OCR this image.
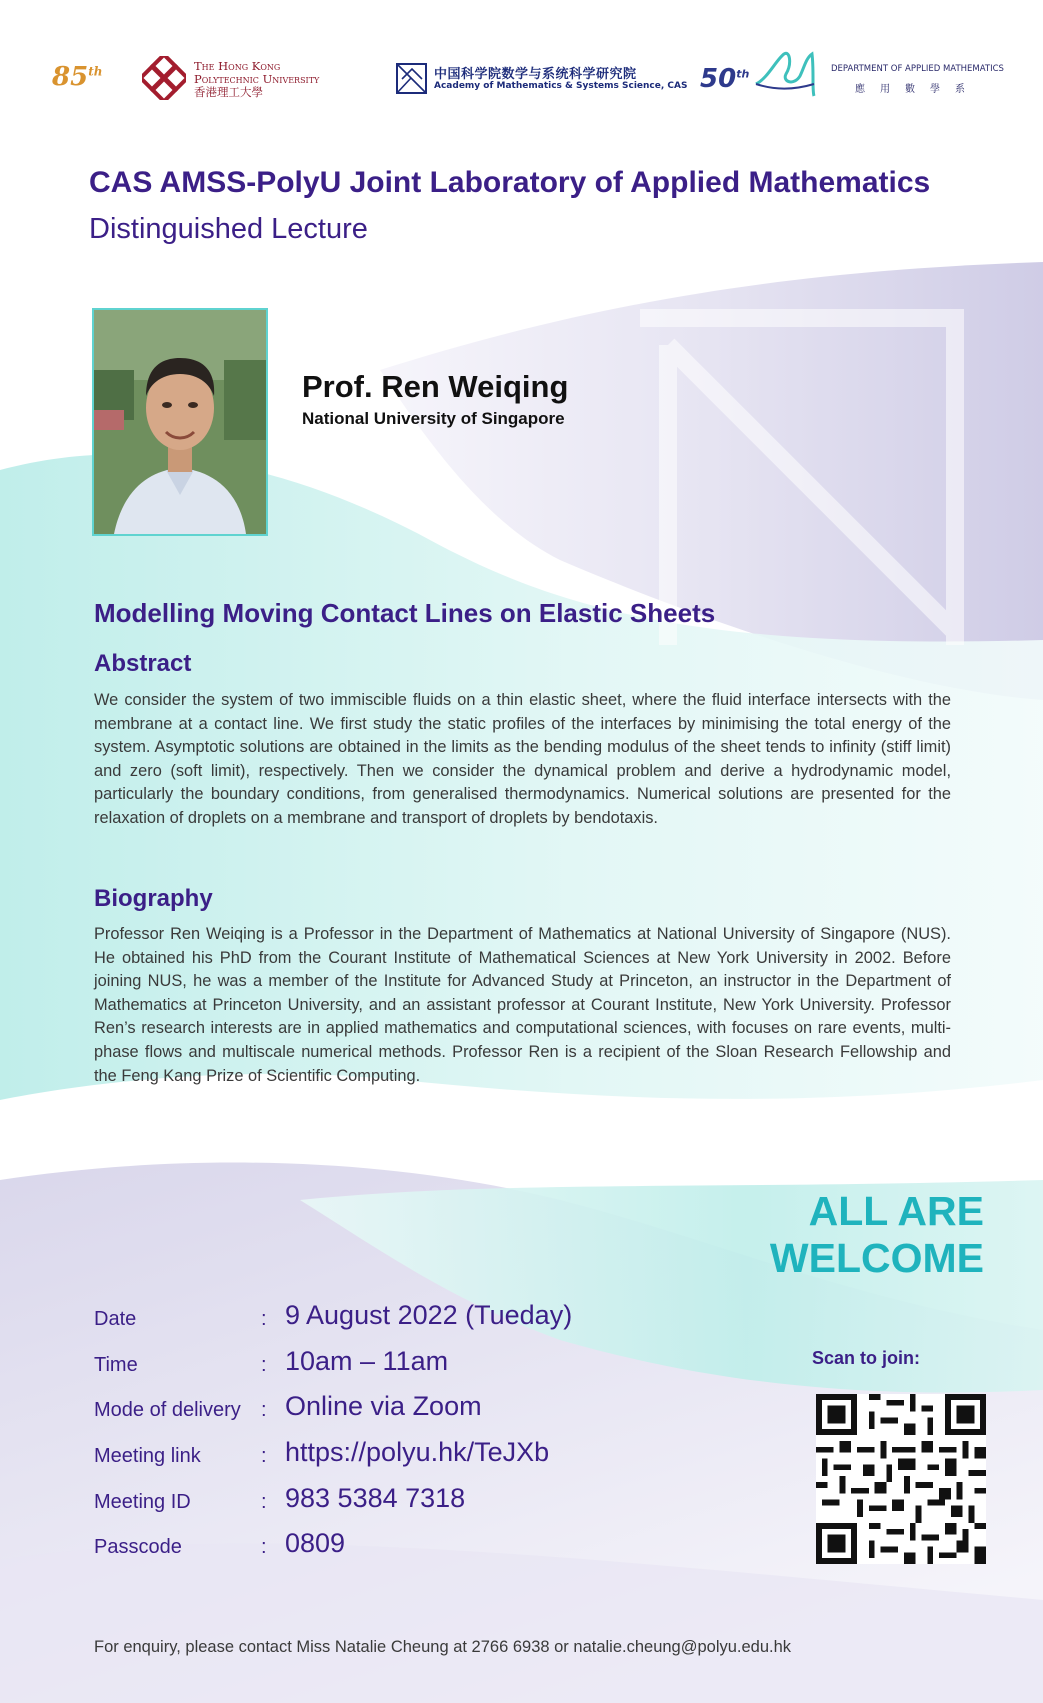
85th	The Hong Kong
Polytechnic University
香港理工大學
中国科学院数学与系统科学研究院
Academy of Mathematics & Systems Science, CAS 50th	DEPARTMENT OF APPLIED MATHEMATICS
應用數學系
CAS AMSS-PolyU Joint Laboratory of Applied Mathematics
Distinguished Lecture
Prof. Ren Weiqing
National University of Singapore
Modelling Moving Contact Lines on Elastic Sheets
Abstract
We consider the system of two immiscible fluids on a thin elastic sheet, where the fluid interface intersects with the membrane at a contact line. We first study the static profiles of the interfaces by minimising the total energy of the system. Asymptotic solutions are obtained in the limits as the bending modulus of the sheet tends to infinity (stiff limit) and zero (soft limit), respectively. Then we consider the dynamical problem and derive a hydrodynamic model, particularly the boundary conditions, from generalised thermodynamics. Numerical solutions are presented for the relaxation of droplets on a membrane and transport of droplets by bendotaxis.
Biography
Professor Ren Weiqing is a Professor in the Department of Mathematics at National University of Singapore (NUS). He obtained his PhD from the Courant Institute of Mathematical Sciences at New York University in 2002. Before joining NUS, he was a member of the Institute for Advanced Study at Princeton, an instructor in the Department of Mathematics at Princeton University, and an assistant professor at Courant Institute, New York University. Professor Ren’s research interests are in applied mathematics and computational sciences, with focuses on rare events, multi-phase flows and multiscale numerical methods. Professor Ren is a recipient of the Sloan Research Fellowship and the Feng Kang Prize of Scientific Computing.
ALL ARE
WELCOME
Date	: 9 August 2022 (Tueday)
Time	: 10am – 11am
Mode of delivery : Online via Zoom
Meeting link	: https://polyu.hk/TeJXb
Meeting ID	: 983 5384 7318
Passcode	: 0809
Scan to join:
For enquiry, please contact Miss Natalie Cheung at 2766 6938 or natalie.cheung@polyu.edu.hk
